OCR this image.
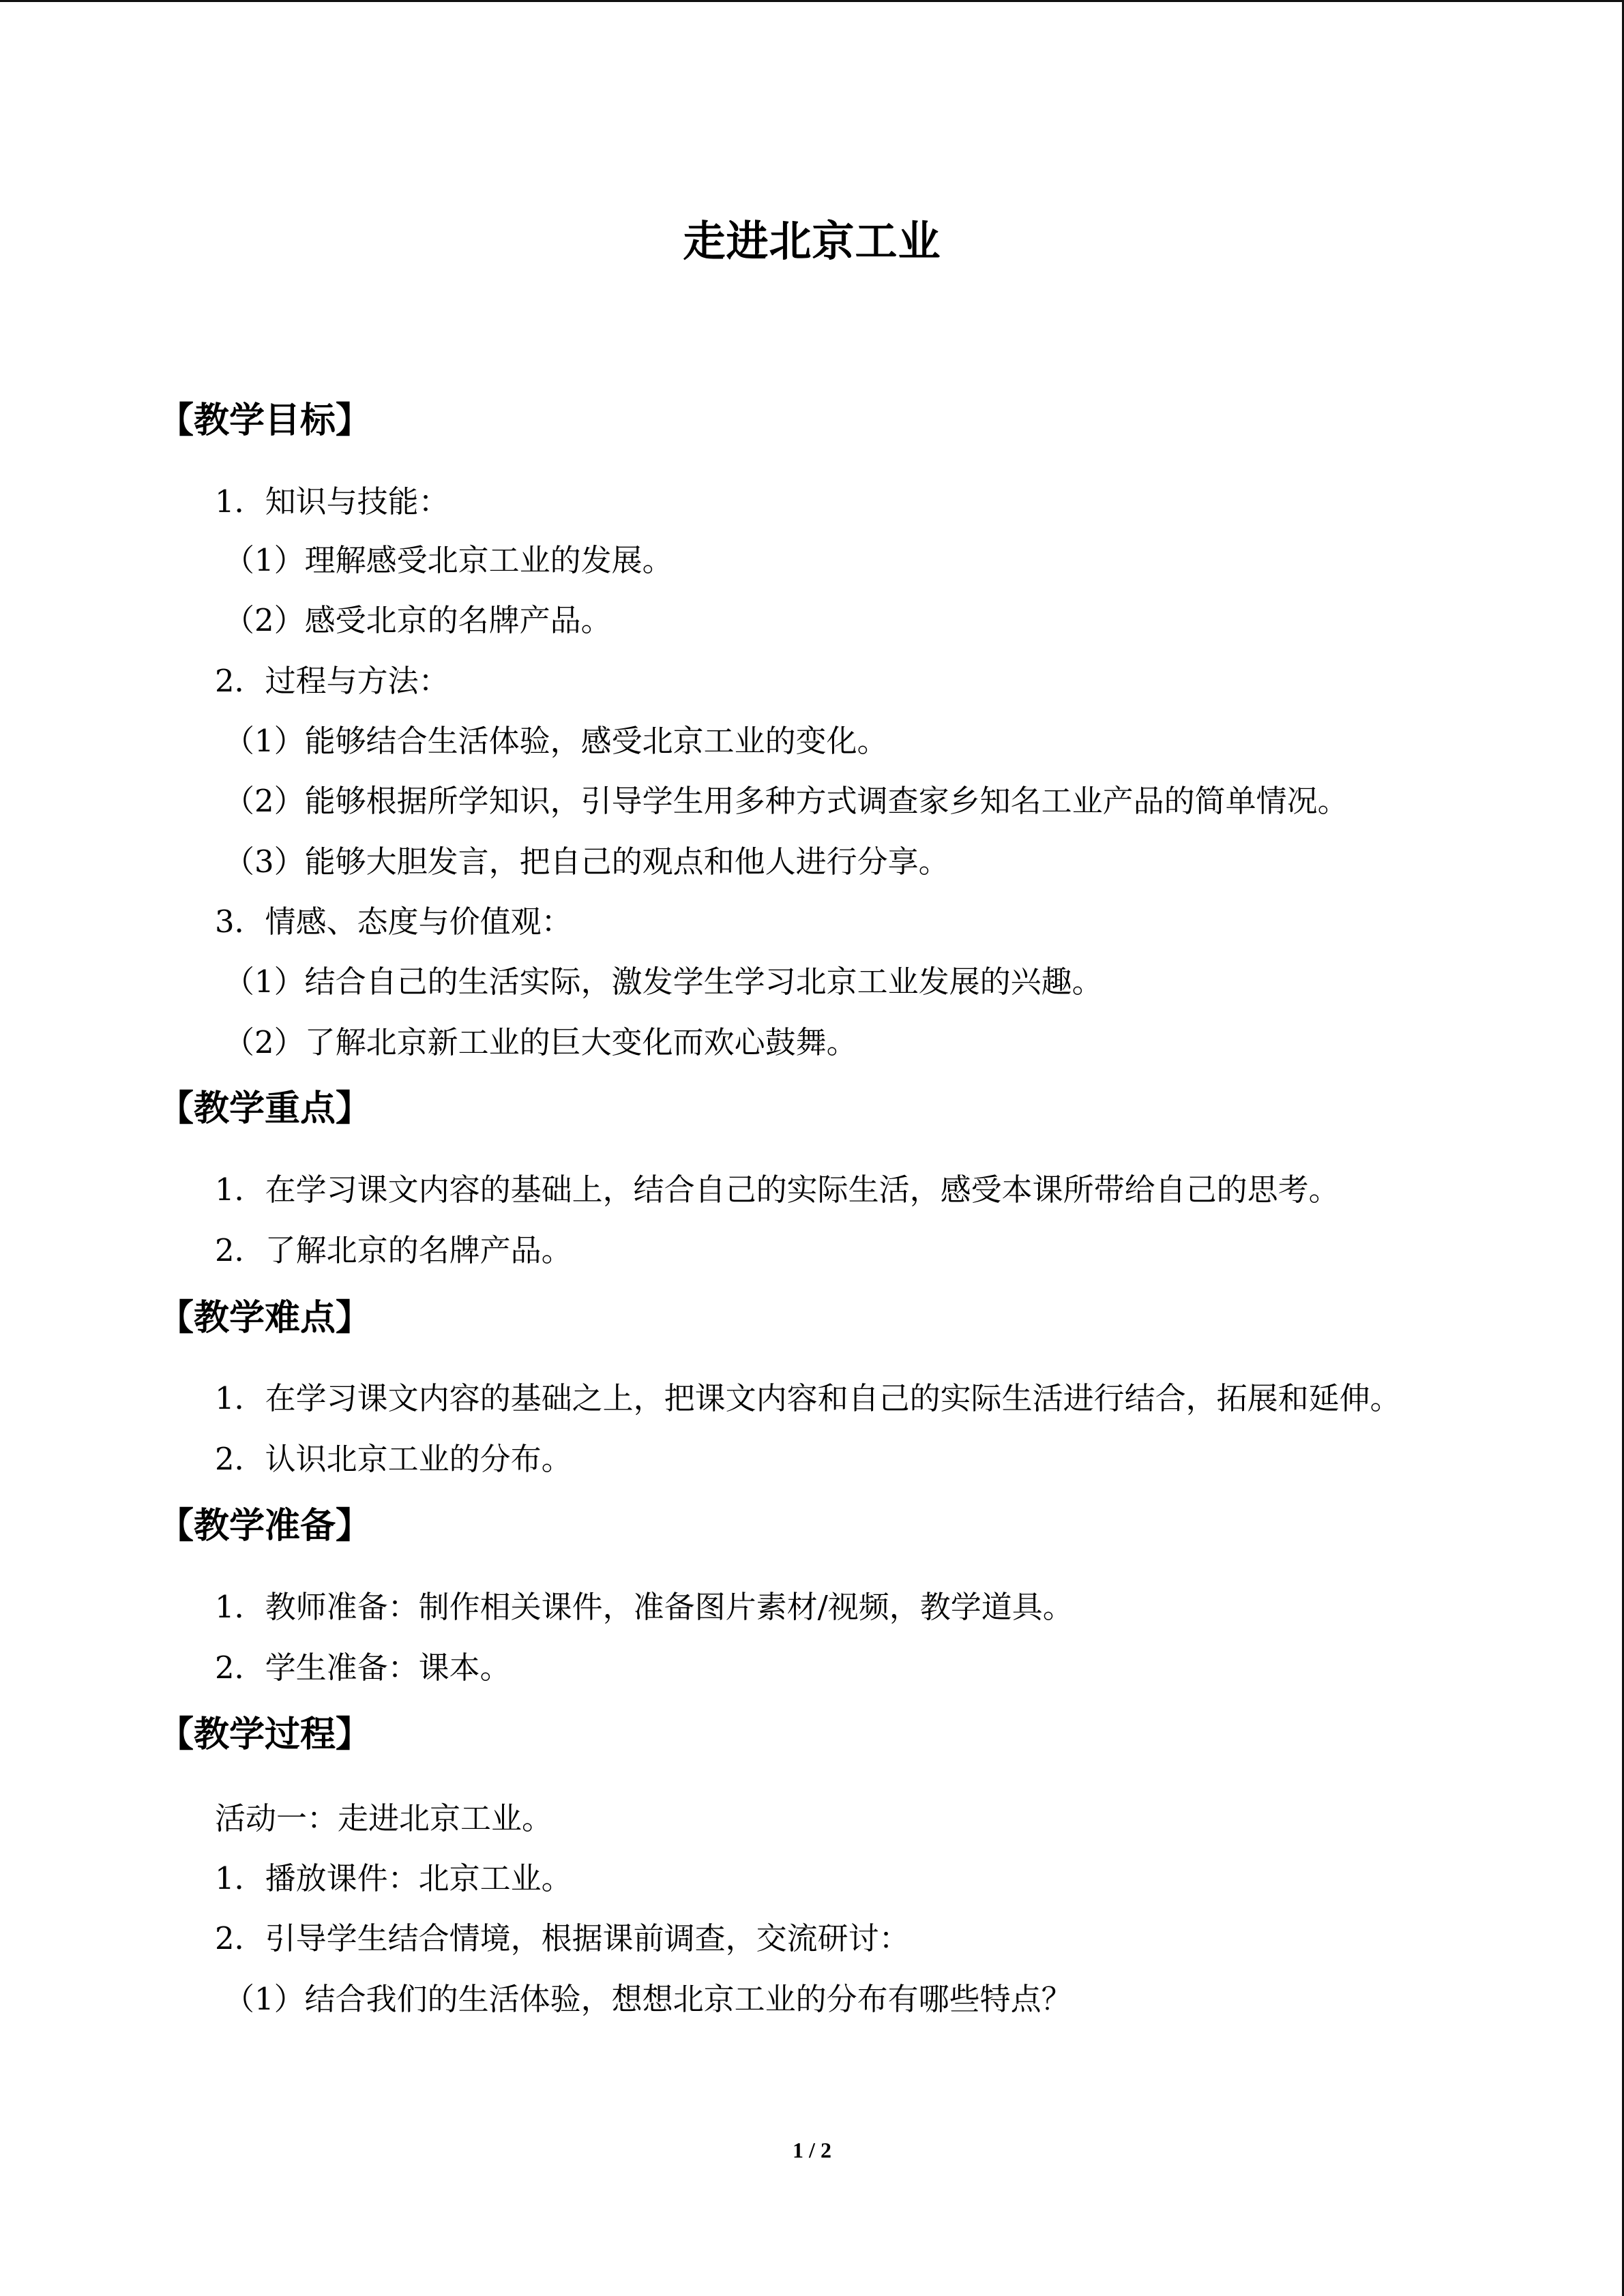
走进北京工业
【教学目标】
1．知识与技能：
（1）理解感受北京工业的发展。
（2）感受北京的名牌产品。
2．过程与方法：
（1）能够结合生活体验，感受北京工业的变化。
（2）能够根据所学知识，引导学生用多种方式调查家乡知名工业产品的简单情况。
（3）能够大胆发言，把自己的观点和他人进行分享。
3．情感、态度与价值观：
（1）结合自己的生活实际，激发学生学习北京工业发展的兴趣。
（2）了解北京新工业的巨大变化而欢心鼓舞。
【教学重点】
1．在学习课文内容的基础上，结合自己的实际生活，感受本课所带给自己的思考。
2．了解北京的名牌产品。
【教学难点】
1．在学习课文内容的基础之上，把课文内容和自己的实际生活进行结合，拓展和延伸。
2．认识北京工业的分布。
【教学准备】
1．教师准备：制作相关课件，准备图片素材/视频，教学道具。
2．学生准备：课本。
【教学过程】
活动一：走进北京工业。
1．播放课件：北京工业。
2．引导学生结合情境，根据课前调查，交流研讨：
（1）结合我们的生活体验，想想北京工业的分布有哪些特点？
1 / 2
